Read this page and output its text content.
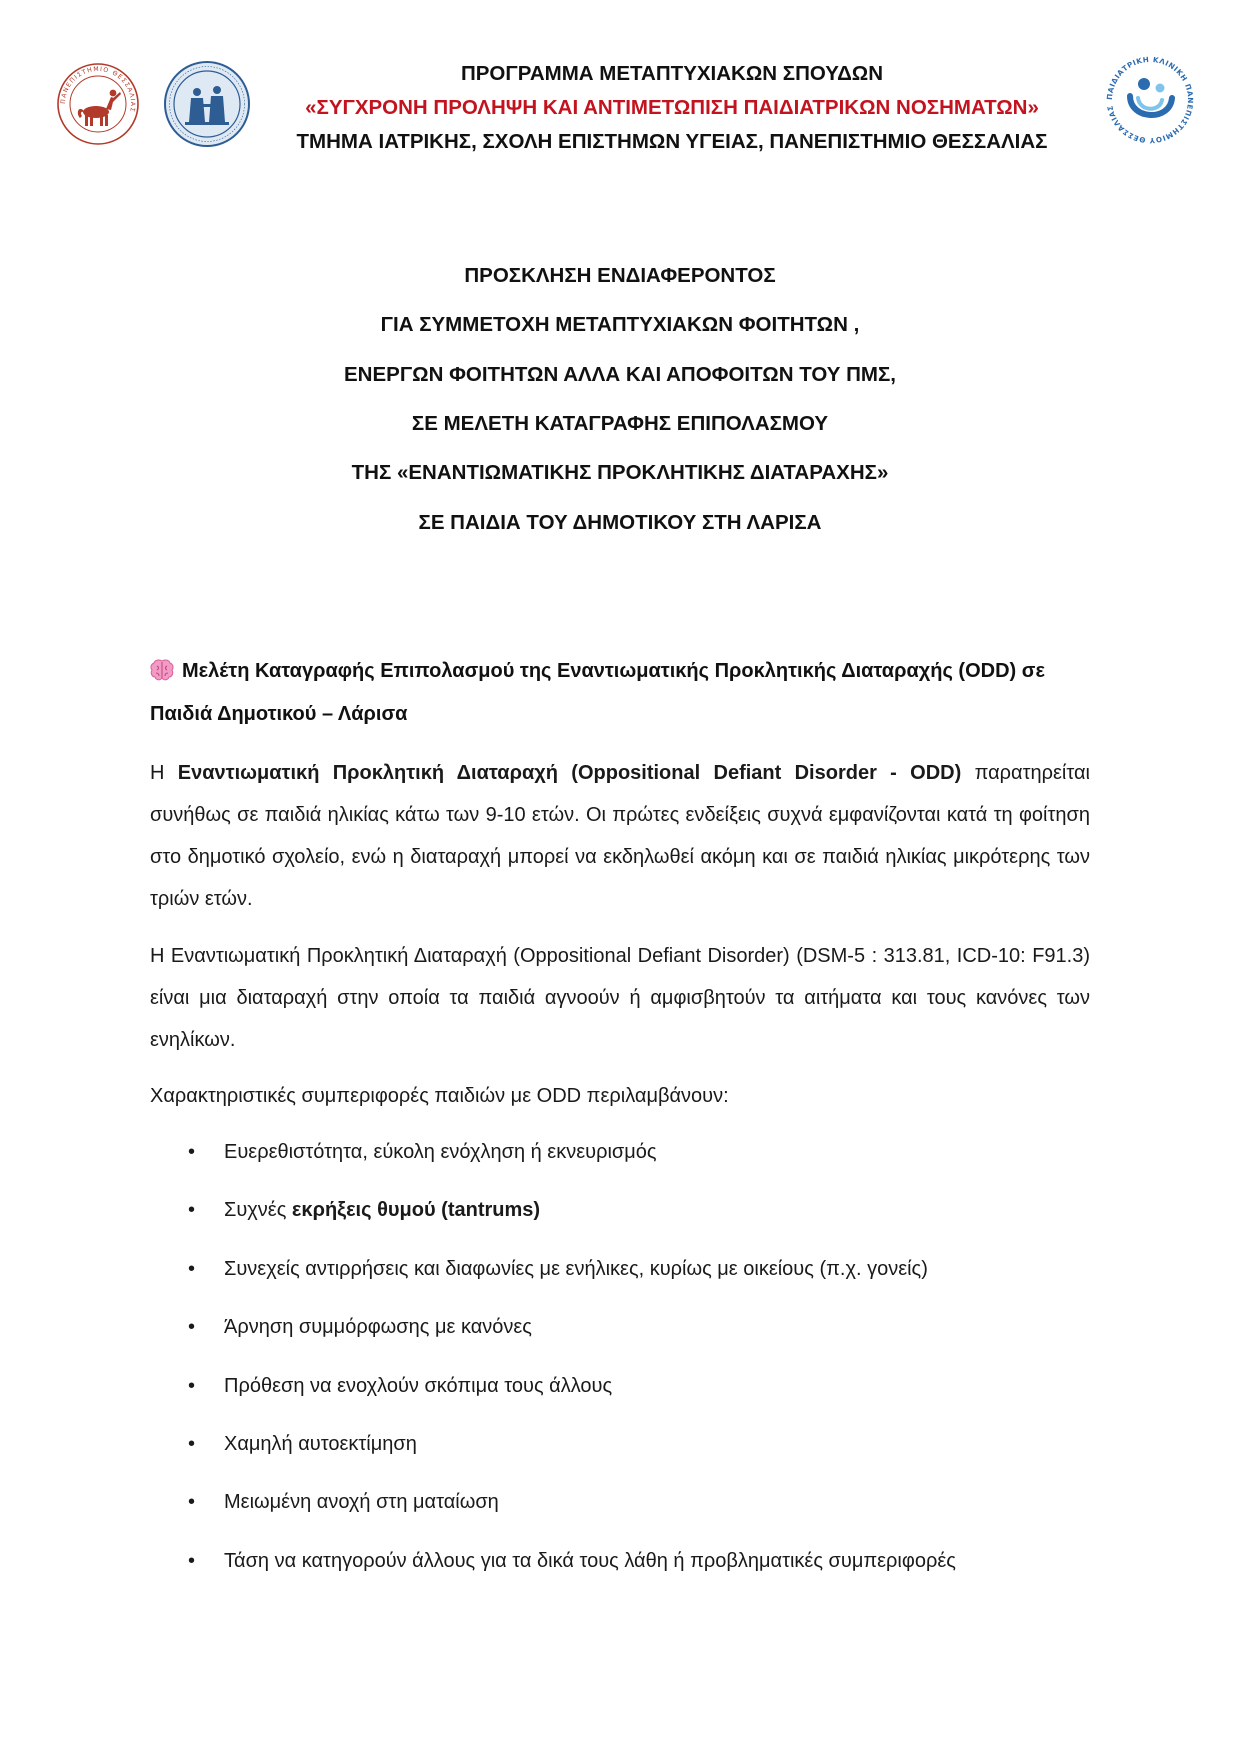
ΠΑΝΕΠΙΣΤΗΜΙΟ ΘΕΣΣΑΛΙΑΣ
ΠΑΙΔΙΑΤΡΙΚΗ ΚΛΙΝΙΚΗ ΠΑΝΕΠΙΣΤΗΜΙΟΥ ΘΕΣΣΑΛΙΑΣ
ΠΡΟΓΡΑΜΜΑ ΜΕΤΑΠΤΥΧΙΑΚΩΝ ΣΠΟΥΔΩΝ
«ΣΥΓΧΡΟΝΗ ΠΡΟΛΗΨΗ ΚΑΙ ΑΝΤΙΜΕΤΩΠΙΣΗ ΠΑΙΔΙΑΤΡΙΚΩΝ ΝΟΣΗΜΑΤΩΝ»
ΤΜΗΜΑ ΙΑΤΡΙΚΗΣ, ΣΧΟΛΗ ΕΠΙΣΤΗΜΩΝ ΥΓΕΙΑΣ, ΠΑΝΕΠΙΣΤΗΜΙΟ ΘΕΣΣΑΛΙΑΣ
ΠΡΟΣΚΛΗΣΗ ΕΝΔΙΑΦΕΡΟΝΤΟΣ
ΓΙΑ ΣΥΜΜΕΤΟΧΗ ΜΕΤΑΠΤΥΧΙΑΚΩΝ ΦΟΙΤΗΤΩΝ ,
ΕΝΕΡΓΩΝ ΦΟΙΤΗΤΩΝ ΑΛΛΑ ΚΑΙ ΑΠΟΦΟΙΤΩΝ ΤΟΥ ΠΜΣ,
ΣΕ ΜΕΛΕΤΗ ΚΑΤΑΓΡΑΦΗΣ ΕΠΙΠΟΛΑΣΜΟΥ
ΤΗΣ «ΕΝΑΝΤΙΩΜΑΤΙΚΗΣ ΠΡΟΚΛΗΤΙΚΗΣ ΔΙΑΤΑΡΑΧΗΣ»
ΣΕ ΠΑΙΔΙΑ ΤΟΥ ΔΗΜΟΤΙΚΟΥ ΣΤΗ ΛΑΡΙΣΑ
Μελέτη Καταγραφής Επιπολασμού της Εναντιωματικής Προκλητικής Διαταραχής (ODD) σε Παιδιά Δημοτικού – Λάρισα

Η Εναντιωματική Προκλητική Διαταραχή (Oppositional Defiant Disorder - ODD) παρατηρείται συνήθως σε παιδιά ηλικίας κάτω των 9-10 ετών. Οι πρώτες ενδείξεις συχνά εμφανίζονται κατά τη φοίτηση στο δημοτικό σχολείο, ενώ η διαταραχή μπορεί να εκδηλωθεί ακόμη και σε παιδιά ηλικίας μικρότερης των τριών ετών.

Η Εναντιωματική Προκλητική Διαταραχή (Oppositional Defiant Disorder) (DSM-5 : 313.81, ICD-10: F91.3) είναι μια διαταραχή στην οποία τα παιδιά αγνοούν ή αμφισβητούν τα αιτήματα και τους κανόνες των ενηλίκων.

Χαρακτηριστικές συμπεριφορές παιδιών με ODD περιλαμβάνουν:

• Ευερεθιστότητα, εύκολη ενόχληση ή εκνευρισμός
• Συχνές εκρήξεις θυμού (tantrums)
• Συνεχείς αντιρρήσεις και διαφωνίες με ενήλικες, κυρίως με οικείους (π.χ. γονείς)
• Άρνηση συμμόρφωσης με κανόνες
• Πρόθεση να ενοχλούν σκόπιμα τους άλλους
• Χαμηλή αυτοεκτίμηση
• Μειωμένη ανοχή στη ματαίωση
• Τάση να κατηγορούν άλλους για τα δικά τους λάθη ή προβληματικές συμπεριφορές
